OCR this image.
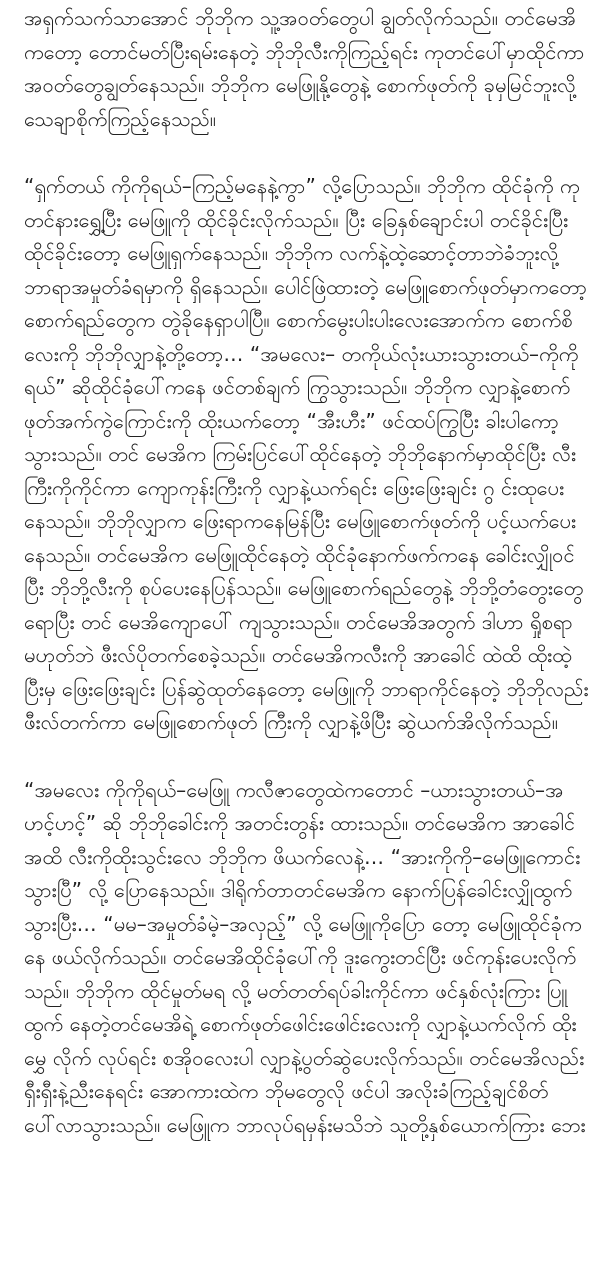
အရှက်သက်သာအောင် ဘိုဘိုက သူ့အဝတ်တွေပါ ချွတ်လိုက်သည်။ တင်မေအိ ကတော့ တောင်မတ်ပြီးရမ်းနေတဲ့ ဘိုဘိုလီးကိုကြည့်ရင်း ကုတင်ပေါ်မှာထိုင်ကာ အဝတ်တွေချွတ်နေသည်။ ဘိုဘိုက မေဖြူနို့တွေနဲ့ စောက်ဖုတ်ကို ခုမှမြင်ဘူးလို့ သေချာစိုက်ကြည့်နေသည်။

“ရှက်တယ် ကိုကိုရယ်–ကြည့်မနေနဲ့ကွာ” လို့ပြောသည်။ ဘိုဘိုက ထိုင်ခုံကို ကုတင်နားရွှေ့ပြီး မေဖြူကို ထိုင်ခိုင်းလိုက်သည်။ ပြီး ခြေနှစ်ချောင်းပါ တင်ခိုင်းပြီး ထိုင်ခိုင်းတော့ မေဖြူရှက်နေသည်။ ဘိုဘိုက လက်နဲ့ထဲ့ဆောင့်တာဘဲခံဘူးလို့ ဘာရာအမှုတ်ခံရမှာကို ရှိနေသည်။ ပေါင်ဖြဲထားတဲ့ မေဖြူစောက်ဖုတ်မှာကတော့ စောက်ရည်တွေက တွဲခိုနေရှာပါပြီ။ စောက်မွေးပါးပါးလေးအောက်က စောက်စိလေးကို ဘိုဘိုလျှာနဲ့တို့တော့… “အမလေး– တကိုယ်လုံးယားသွားတယ်–ကိုကိုရယ်” ဆိုထိုင်ခုံပေါ်ကနေ ဖင်တစ်ချက် ကြွသွားသည်။ ဘိုဘိုက လျှာနဲ့စောက်ဖုတ်အက်ကွဲကြောင်းကို ထိုးယက်တော့ “အီးဟီး” ဖင်ထပ်ကြွပြီး ခါးပါကော့သွားသည်။ တင် မေအိက ကြမ်းပြင်ပေါ်ထိုင်နေတဲ့ ဘိုဘိုနောက်မှာထိုင်ပြီး လီးကြီးကိုကိုင်ကာ ကျောကုန်းကြီးကို လျှာနဲ့ယက်ရင်း ဖြေးဖြေးချင်း ဂွ င်းထုပေးနေသည်။ ဘိုဘိုလျှာက ဖြေးရာကနေမြန်ပြီး မေဖြူစောက်ဖုတ်ကို ပင့်ယက်ပေးနေသည်။ တင်မေအိက မေဖြူထိုင်နေတဲ့ ထိုင်ခုံနောက်ဖက်ကနေ ခေါင်းလျှိုဝင်ပြီး ဘိုဘို့လီးကို စုပ်ပေးနေပြန်သည်။ မေဖြူစောက်ရည်တွေနဲ့ ဘိုဘို့တံတွေးတွေရောပြီး တင် မေအိကျောပေါ် ကျသွားသည်။ တင်မေအိအတွက် ဒါဟာ ရှိုစရာမဟုတ်ဘဲ ဖီးလ်ပိုတက်စေခဲ့သည်။ တင်မေအိကလီးကို အာခေါင် ထဲထိ ထိုးထဲ့ပြီးမှ ဖြေးဖြေးချင်း ပြန်ဆွဲထုတ်နေတော့ မေဖြူကို ဘာရာကိုင်နေတဲ့ ဘိုဘိုလည်း ဖီးလ်တက်ကာ မေဖြူစောက်ဖုတ် ကြီးကို လျှာနဲ့ဖိပြီး ဆွဲယက်အိလိုက်သည်။

“အမလေး ကိုကိုရယ်–မေဖြူ ကလီဇာတွေထဲကတောင် –ယားသွားတယ်–အဟင့်ဟင့်” ဆို ဘိုဘိုခေါင်းကို အတင်းတွန်း ထားသည်။ တင်မေအိက အာခေါင်အထိ လီးကိုထိုးသွင်းလေ ဘိုဘိုက ဖိယက်လေနဲ့… “အားကိုကို–မေဖြူကောင်းသွားပြီ” လို့ ပြောနေသည်။ ဒါရိုက်တာတင်မေအိက နောက်ပြန်ခေါင်းလျှိုထွက်သွားပြီး… “မမ–အမှုတ်ခံမဲ့–အလှည့်” လို့ မေဖြူကိုပြော တော့ မေဖြူထိုင်ခုံကနေ ဖယ်လိုက်သည်။ တင်မေအိထိုင်ခုံပေါ်ကို ဒူးကွေးတင်ပြီး ဖင်ကုန်းပေးလိုက်သည်။ ဘိုဘိုက ထိုင်မှုတ်မရ လို့ မတ်တတ်ရပ်ခါးကိုင်ကာ ဖင်နှစ်လုံးကြား ပြူထွက် နေတဲ့တင်မေအိရဲ့ စောက်ဖုတ်ဖေါင်းဖေါင်းလေးကို လျှာနဲ့ယက်လိုက် ထိုးမွှေ လိုက် လုပ်ရင်း စအိုဝလေးပါ လျှာနဲ့ပွတ်ဆွဲပေးလိုက်သည်။ တင်မေအိလည်း ရှီးရှီးနဲ့ညီးနေရင်း အောကားထဲက ဘိုမတွေလို ဖင်ပါ အလိုးခံကြည့်ချင်စိတ်ပေါ်လာသွားသည်။ မေဖြူက ဘာလုပ်ရမှန်းမသိဘဲ သူတို့နှစ်ယောက်ကြား ဘေး
